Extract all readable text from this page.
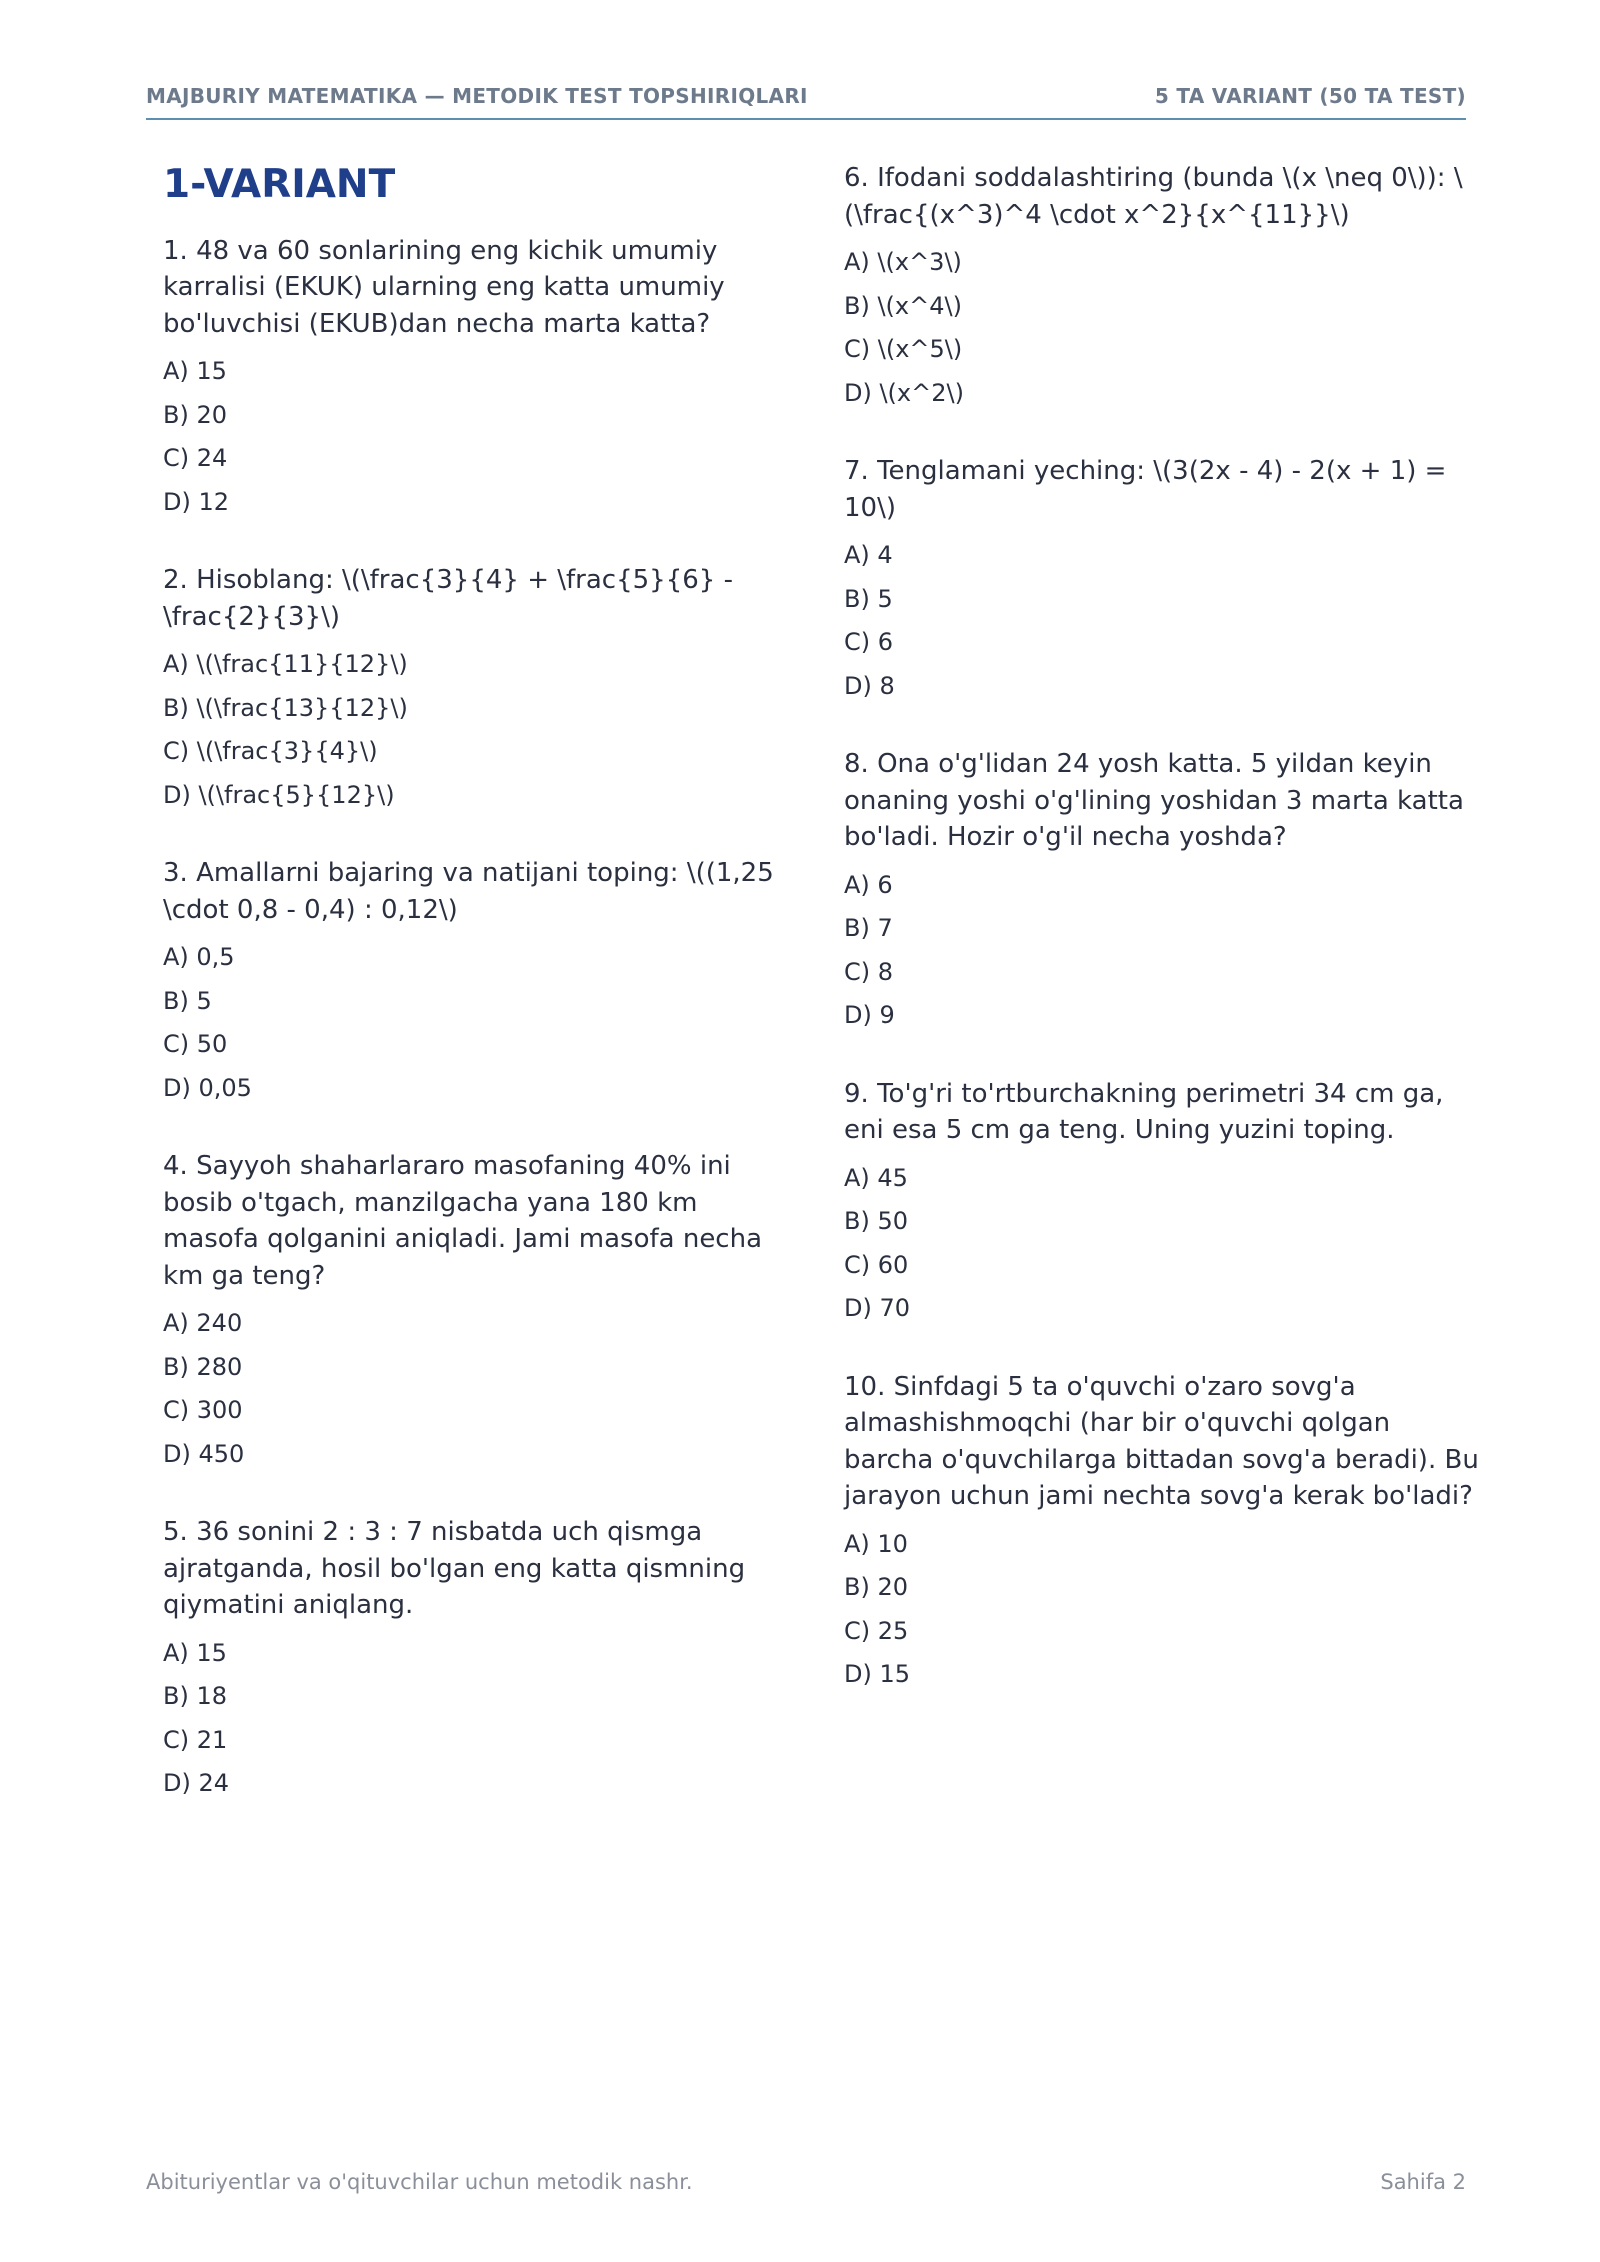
MAJBURIY MATEMATIKA — METODIK TEST TOPSHIRIQLARI	5 TA VARIANT (50 TA TEST)
1-VARIANT
1. 48 va 60 sonlarining eng kichik umumiy karralisi (EKUK) ularning eng katta umumiy bo'luvchisi (EKUB)dan necha marta katta?
A) 15
B) 20
C) 24
D) 12
2. Hisoblang: \(\frac{3}{4} + \frac{5}{6} - \frac{2}{3}\)
A) \(\frac{11}{12}\)
B) \(\frac{13}{12}\)
C) \(\frac{3}{4}\)
D) \(\frac{5}{12}\)
3. Amallarni bajaring va natijani toping: \((1,25 \cdot 0,8 - 0,4) : 0,12\)
A) 0,5
B) 5
C) 50
D) 0,05
4. Sayyoh shaharlararo masofaning 40% ini bosib o'tgach, manzilgacha yana 180 km masofa qolganini aniqladi. Jami masofa necha km ga teng?
A) 240
B) 280
C) 300
D) 450
5. 36 sonini 2 : 3 : 7 nisbatda uch qismga ajratganda, hosil bo'lgan eng katta qismning qiymatini aniqlang.
A) 15
B) 18
C) 21
D) 24
6. Ifodani soddalashtiring (bunda \(x \neq 0\)): \(\frac{(x^3)^4 \cdot x^2}{x^{11}}\)
A) \(x^3\)
B) \(x^4\)
C) \(x^5\)
D) \(x^2\)
7. Tenglamani yeching: \(3(2x - 4) - 2(x + 1) = 10\)
A) 4
B) 5
C) 6
D) 8
8. Ona o'g'lidan 24 yosh katta. 5 yildan keyin onaning yoshi o'g'lining yoshidan 3 marta katta bo'ladi. Hozir o'g'il necha yoshda?
A) 6
B) 7
C) 8
D) 9
9. To'g'ri to'rtburchakning perimetri 34 cm ga, eni esa 5 cm ga teng. Uning yuzini toping.
A) 45
B) 50
C) 60
D) 70
10. Sinfdagi 5 ta o'quvchi o'zaro sovg'a almashishmoqchi (har bir o'quvchi qolgan barcha o'quvchilarga bittadan sovg'a beradi). Bu jarayon uchun jami nechta sovg'a kerak bo'ladi?
A) 10
B) 20
C) 25
D) 15
Abituriyentlar va o'qituvchilar uchun metodik nashr.	Sahifa 2
